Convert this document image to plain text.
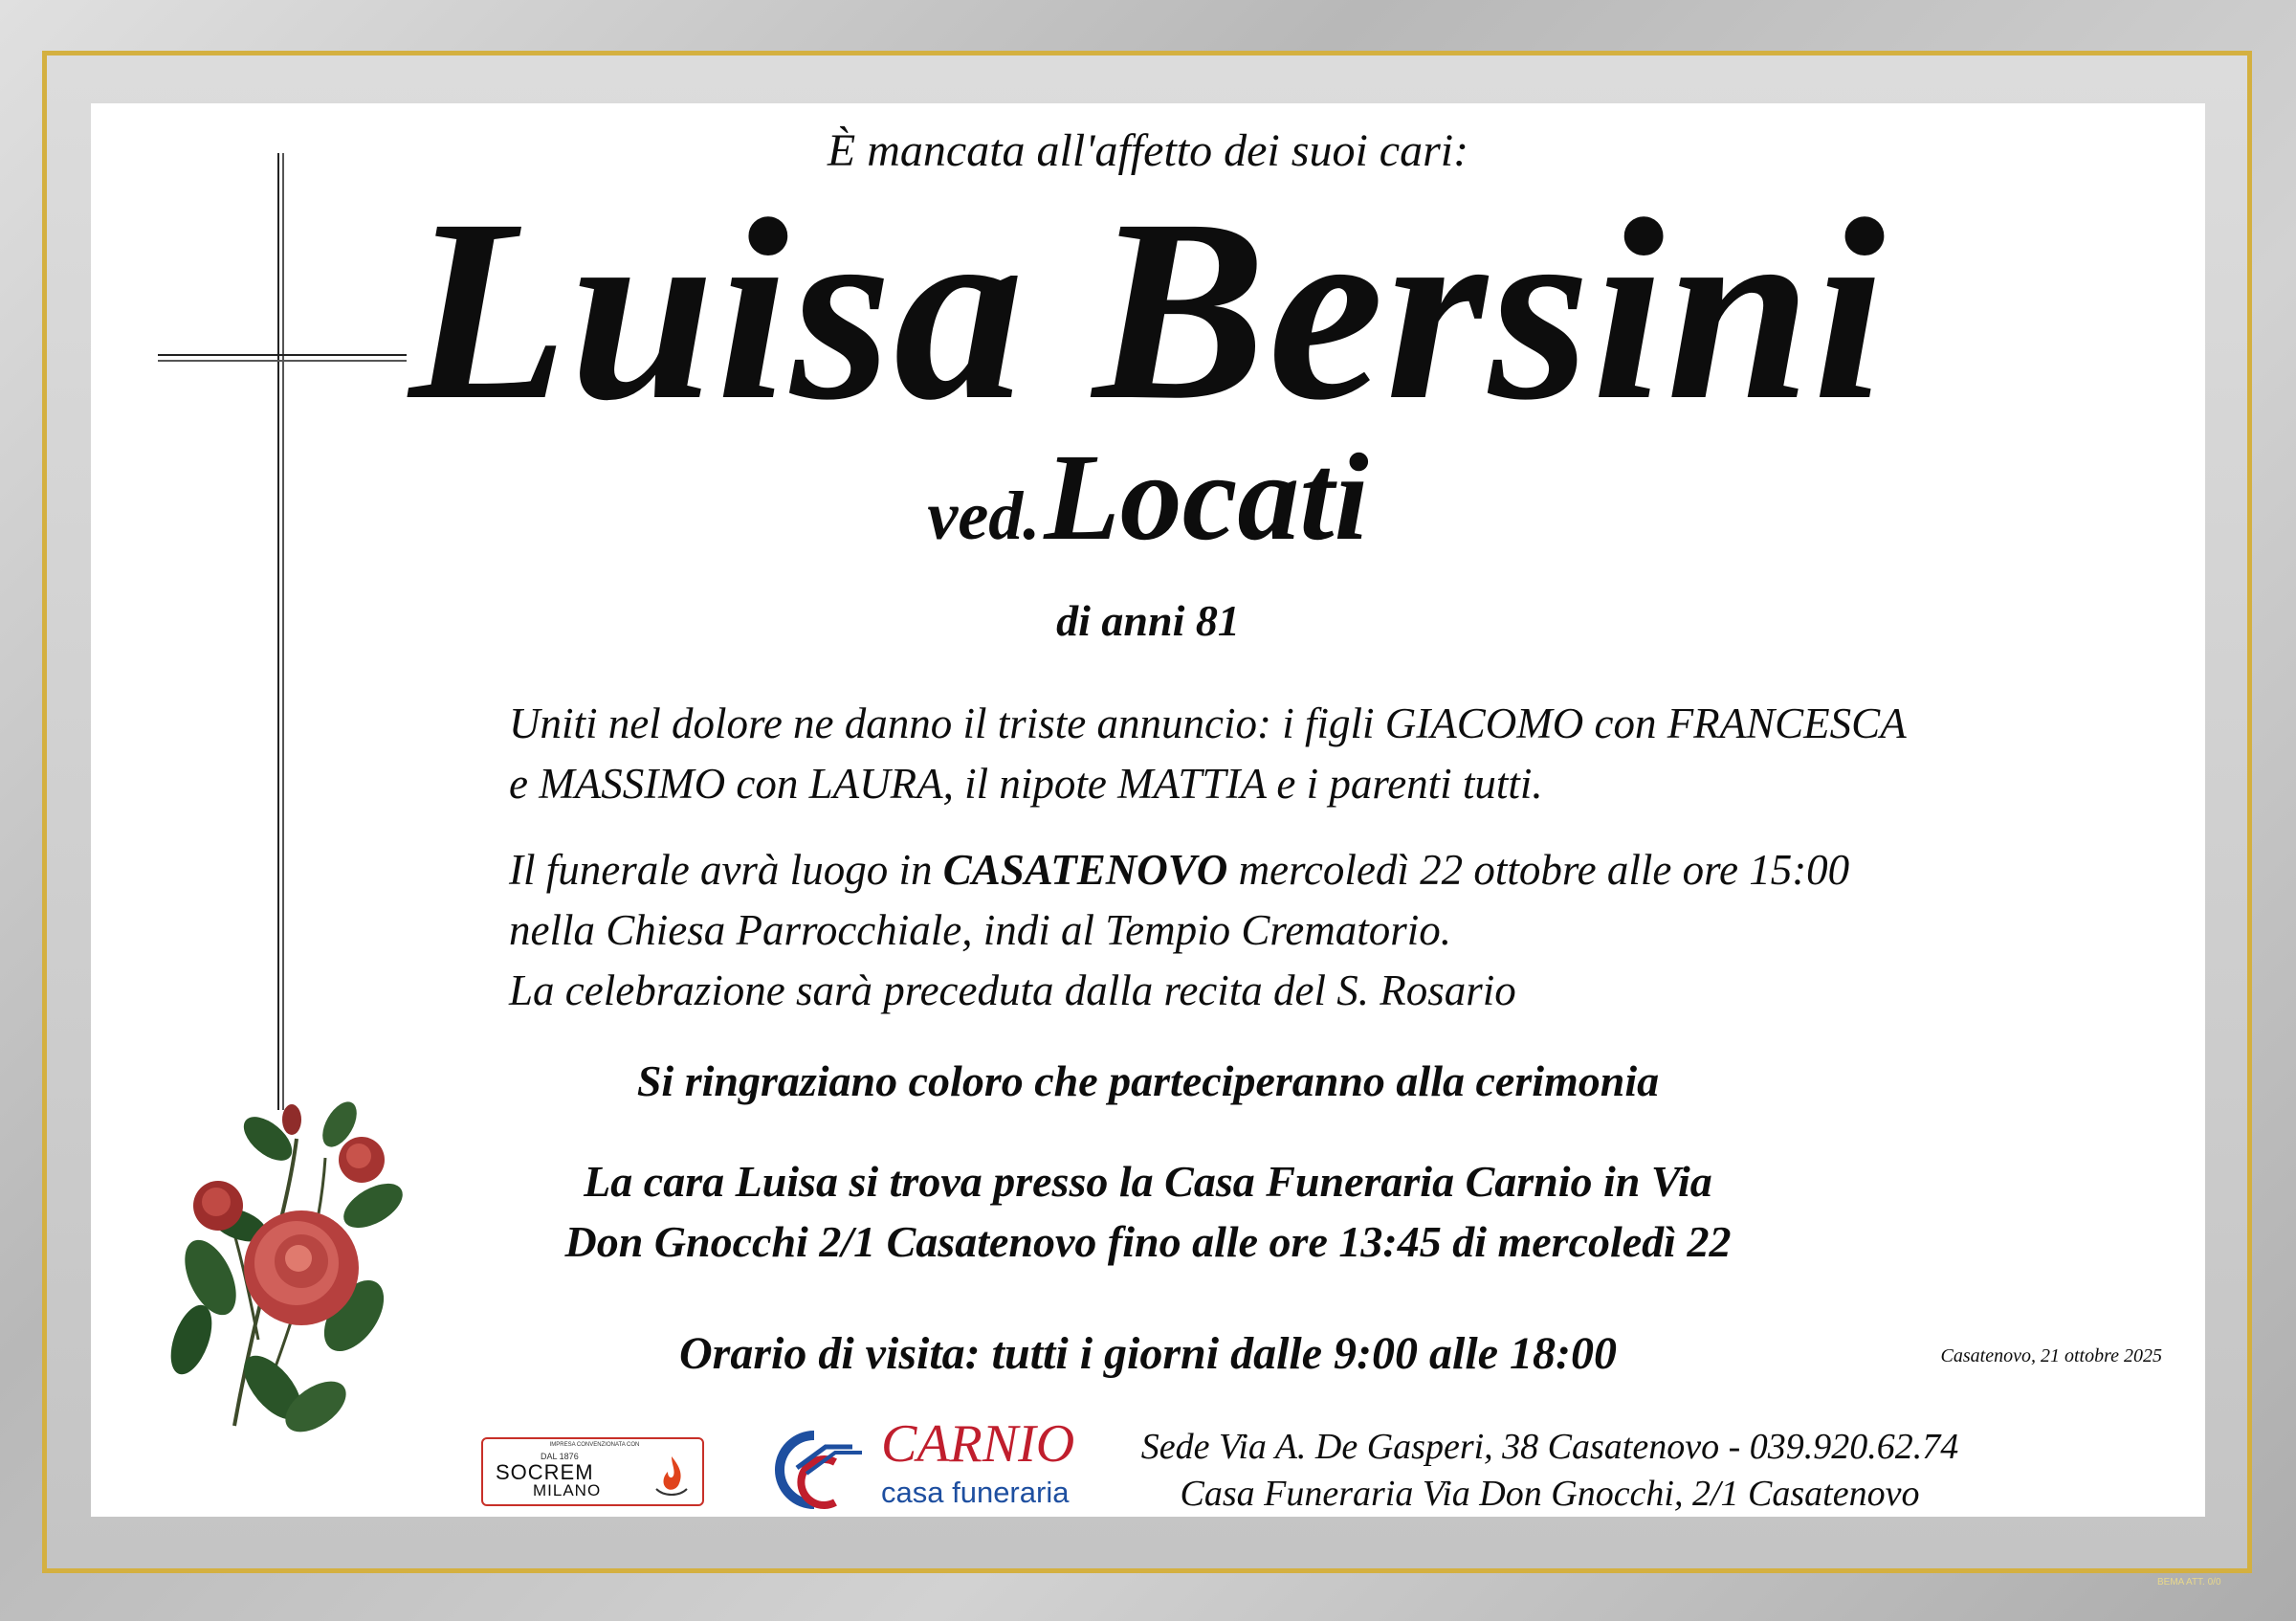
È mancata all'affetto dei suoi cari:
Luisa Bersini
ved. Locati
di anni 81
Uniti nel dolore ne danno il triste annuncio: i figli GIACOMO con FRANCESCA
e MASSIMO con LAURA, il nipote MATTIA e i parenti tutti.
Il funerale avrà luogo in CASATENOVO mercoledì 22 ottobre alle ore 15:00
nella Chiesa Parrocchiale, indi al Tempio Crematorio.
La celebrazione sarà preceduta dalla recita del S. Rosario
Si ringraziano coloro che parteciperanno alla cerimonia
La cara Luisa si trova presso la Casa Funeraria Carnio in Via
Don Gnocchi 2/1 Casatenovo fino alle ore 13:45 di mercoledì 22
Orario di visita: tutti i giorni dalle 9:00 alle 18:00	Casatenovo, 21 ottobre 2025
IMPRESA CONVENZIONATA CON
DAL 1876
SOCREM
MILANO
CARNIO
casa funeraria
Sede Via A. De Gasperi, 38 Casatenovo - 039.920.62.74
Casa Funeraria Via Don Gnocchi, 2/1 Casatenovo
BEMA ATT. 0/0
